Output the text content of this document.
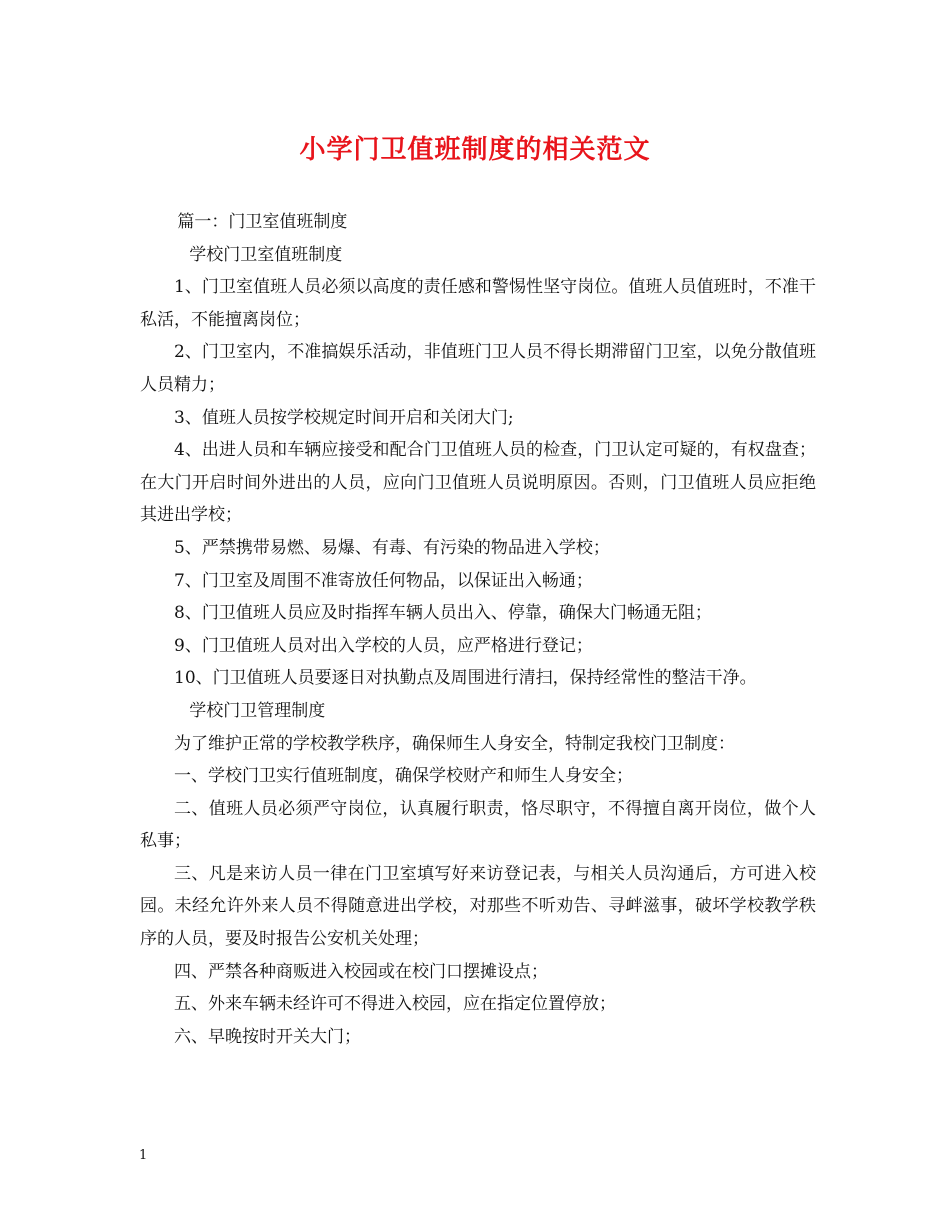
小学门卫值班制度的相关范文

篇一：门卫室值班制度

学校门卫室值班制度

1、门卫室值班人员必须以高度的责任感和警惕性坚守岗位。值班人员值班时，不准干私活，不能擅离岗位；

2、门卫室内，不准搞娱乐活动，非值班门卫人员不得长期滞留门卫室，以免分散值班人员精力；

3、值班人员按学校规定时间开启和关闭大门;

4、出进人员和车辆应接受和配合门卫值班人员的检查，门卫认定可疑的，有权盘查；在大门开启时间外进出的人员，应向门卫值班人员说明原因。否则，门卫值班人员应拒绝其进出学校；

5、严禁携带易燃、易爆、有毒、有污染的物品进入学校；

7、门卫室及周围不准寄放任何物品，以保证出入畅通；

8、门卫值班人员应及时指挥车辆人员出入、停靠，确保大门畅通无阻；

9、门卫值班人员对出入学校的人员，应严格进行登记；

10、门卫值班人员要逐日对执勤点及周围进行清扫，保持经常性的整洁干净。

学校门卫管理制度

为了维护正常的学校教学秩序，确保师生人身安全，特制定我校门卫制度：

一、学校门卫实行值班制度，确保学校财产和师生人身安全；

二、值班人员必须严守岗位，认真履行职责，恪尽职守，不得擅自离开岗位，做个人私事；

三、凡是来访人员一律在门卫室填写好来访登记表，与相关人员沟通后，方可进入校园。未经允许外来人员不得随意进出学校，对那些不听劝告、寻衅滋事，破坏学校教学秩序的人员，要及时报告公安机关处理；

四、严禁各种商贩进入校园或在校门口摆摊设点；

五、外来车辆未经许可不得进入校园，应在指定位置停放；

六、早晚按时开关大门；

1
